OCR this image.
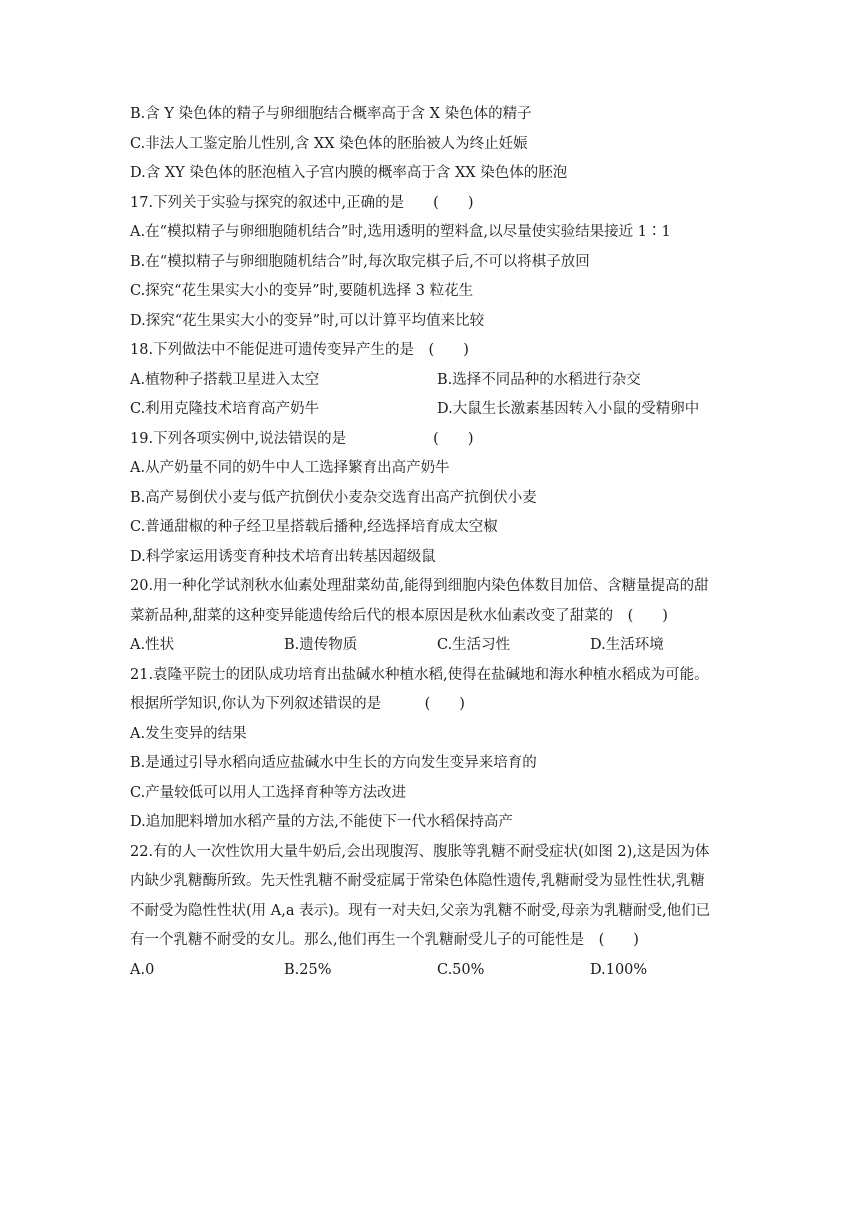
B.含 Y 染色体的精子与卵细胞结合概率高于含 X 染色体的精子
C.非法人工鉴定胎儿性别,含 XX 染色体的胚胎被人为终止妊娠
D.含 XY 染色体的胚泡植入子宫内膜的概率高于含 XX 染色体的胚泡
17.下列关于实验与探究的叙述中,正确的是　　(　　)
A.在“模拟精子与卵细胞随机结合”时,选用透明的塑料盒,以尽量使实验结果接近 1∶1
B.在“模拟精子与卵细胞随机结合”时,每次取完棋子后,不可以将棋子放回
C.探究“花生果实大小的变异”时,要随机选择 3 粒花生
D.探究“花生果实大小的变异”时,可以计算平均值来比较
18.下列做法中不能促进可遗传变异产生的是　(　　)
A.植物种子搭载卫星进入太空	B.选择不同品种的水稻进行杂交
C.利用克隆技术培育高产奶牛	D.大鼠生长激素基因转入小鼠的受精卵中
19.下列各项实例中,说法错误的是　　　　　　(　　)
A.从产奶量不同的奶牛中人工选择繁育出高产奶牛
B.高产易倒伏小麦与低产抗倒伏小麦杂交选育出高产抗倒伏小麦
C.普通甜椒的种子经卫星搭载后播种,经选择培育成太空椒
D.科学家运用诱变育种技术培育出转基因超级鼠
20.用一种化学试剂秋水仙素处理甜菜幼苗,能得到细胞内染色体数目加倍、含糖量提高的甜
菜新品种,甜菜的这种变异能遗传给后代的根本原因是秋水仙素改变了甜菜的　(　　)
A.性状	B.遗传物质	C.生活习性	D.生活环境
21.袁隆平院士的团队成功培育出盐碱水种植水稻,使得在盐碱地和海水种植水稻成为可能。
根据所学知识,你认为下列叙述错误的是　　　(　　)
A.发生变异的结果
B.是通过引导水稻向适应盐碱水中生长的方向发生变异来培育的
C.产量较低可以用人工选择育种等方法改进
D.追加肥料增加水稻产量的方法,不能使下一代水稻保持高产
22.有的人一次性饮用大量牛奶后,会出现腹泻、腹胀等乳糖不耐受症状(如图 2),这是因为体
内缺少乳糖酶所致。先天性乳糖不耐受症属于常染色体隐性遗传,乳糖耐受为显性性状,乳糖
不耐受为隐性性状(用 A,a 表示)。现有一对夫妇,父亲为乳糖不耐受,母亲为乳糖耐受,他们已
有一个乳糖不耐受的女儿。那么,他们再生一个乳糖耐受儿子的可能性是　(　　)
A.0	B.25%	C.50%	D.100%
